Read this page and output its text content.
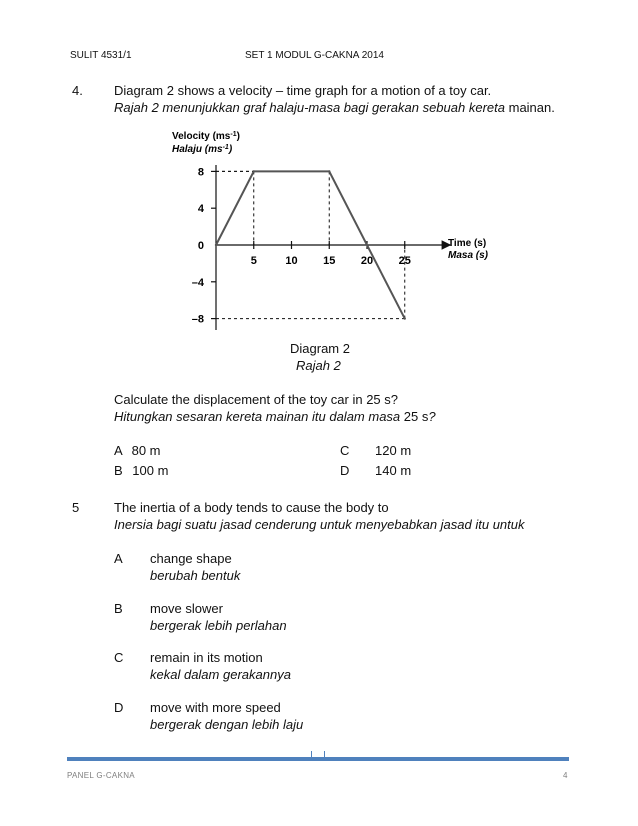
SULIT 4531/1	SET 1 MODUL G-CAKNA 2014
4. Diagram 2 shows a velocity – time graph for a motion of a toy car.
Rajah 2 menunjukkan graf halaju-masa bagi gerakan sebuah kereta mainan.
Velocity $(ms^{-1})$
Halaju $(ms^{-1})$
Time (s)
Masa (s)
5	10 15 20 25
8
4
0
–4
–8
Diagram 2
Rajah 2
Calculate the displacement of the toy car in 25 s?
Hitungkan sesaran kereta mainan itu dalam masa 25 s?
A 80 m
B 100 m
C 120 m
D 140 m
5	The inertia of a body tends to cause the body to
Inersia bagi suatu jasad cenderung untuk menyebabkan jasad itu untuk
A change shape
berubah bentuk
B move slower
bergerak lebih perlahan
C remain in its motion
kekal dalam gerakannya
D move with more speed
bergerak dengan lebih laju
PANEL G-CAKNA	4
